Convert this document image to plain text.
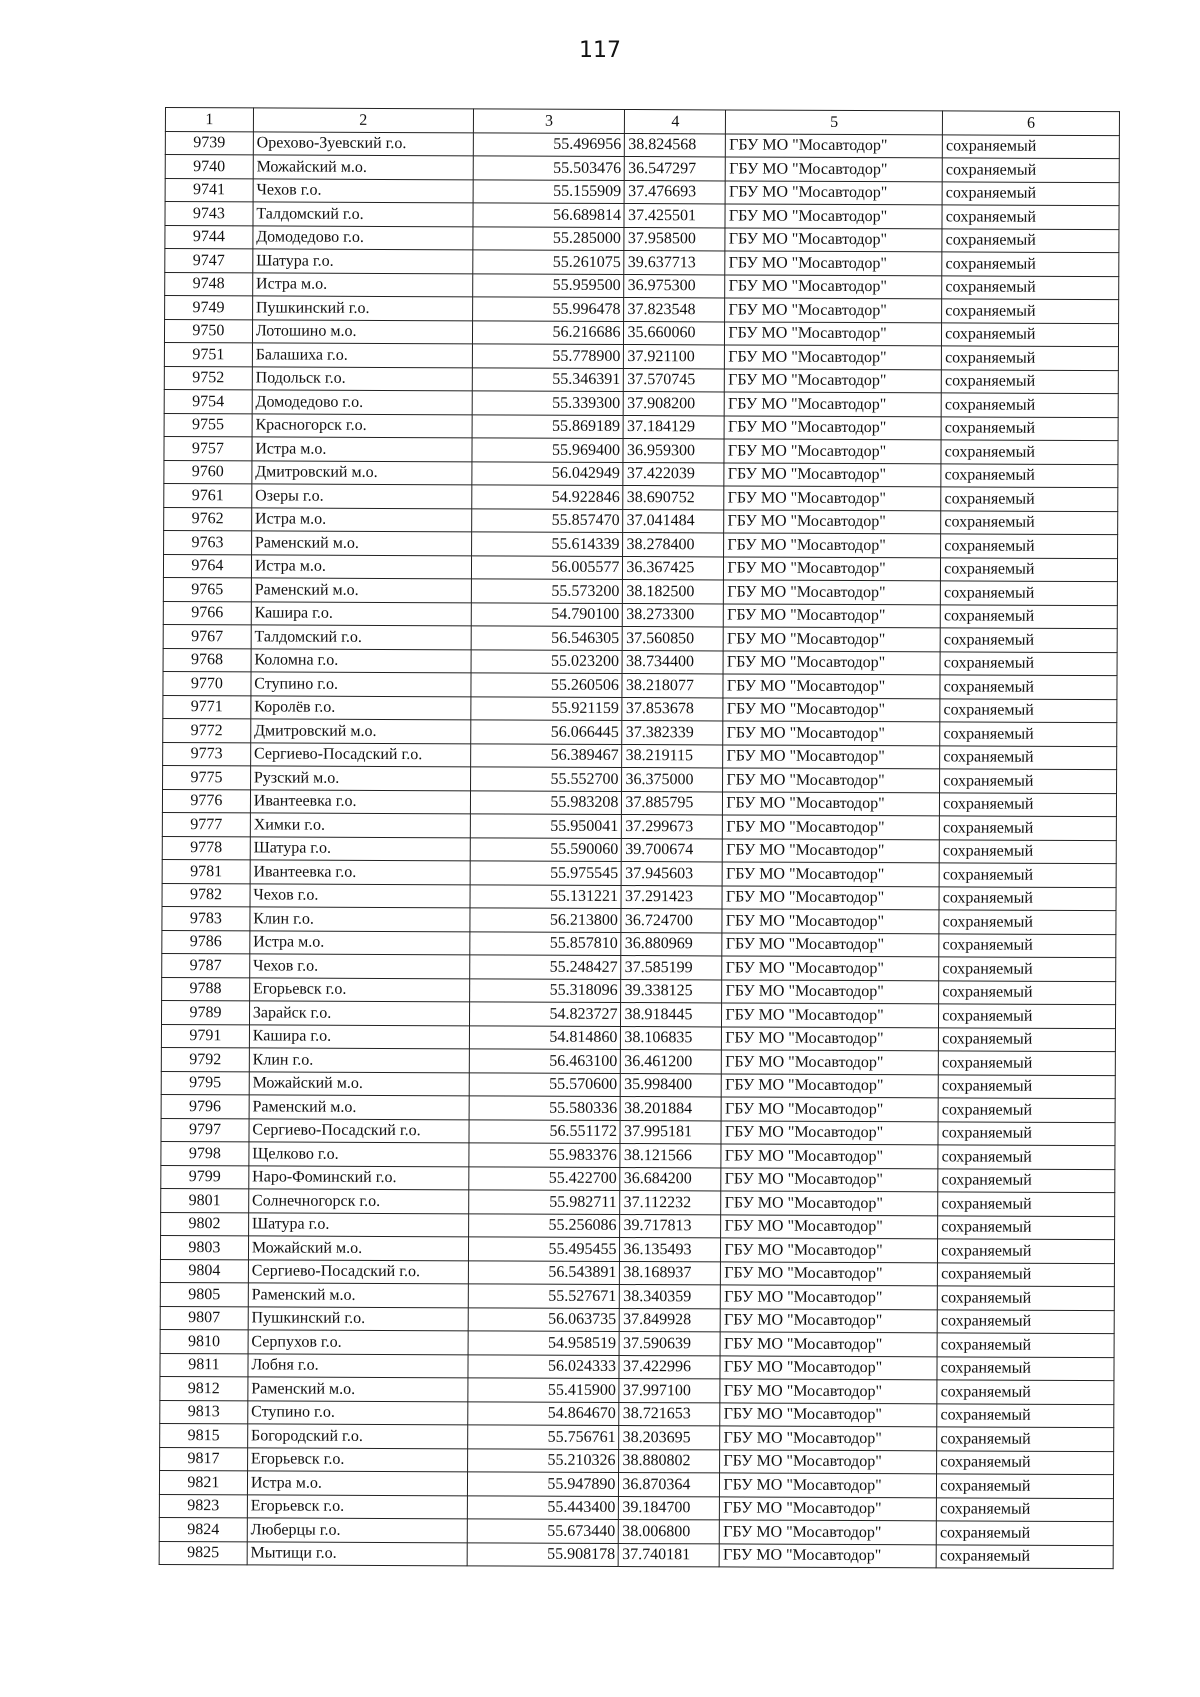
117
1	2	3	4	5	6
9739	Орехово-Зуевский г.о.	55.496956	38.824568	ГБУ МО "Мосавтодор"	сохраняемый
9740	Можайский м.о.	55.503476	36.547297	ГБУ МО "Мосавтодор"	сохраняемый
9741	Чехов г.о.	55.155909	37.476693	ГБУ МО "Мосавтодор"	сохраняемый
9743	Талдомский г.о.	56.689814	37.425501	ГБУ МО "Мосавтодор"	сохраняемый
9744	Домодедово г.о.	55.285000	37.958500	ГБУ МО "Мосавтодор"	сохраняемый
9747	Шатура г.о.	55.261075	39.637713	ГБУ МО "Мосавтодор"	сохраняемый
9748	Истра м.о.	55.959500	36.975300	ГБУ МО "Мосавтодор"	сохраняемый
9749	Пушкинский г.о.	55.996478	37.823548	ГБУ МО "Мосавтодор"	сохраняемый
9750	Лотошино м.о.	56.216686	35.660060	ГБУ МО "Мосавтодор"	сохраняемый
9751	Балашиха г.о.	55.778900	37.921100	ГБУ МО "Мосавтодор"	сохраняемый
9752	Подольск г.о.	55.346391	37.570745	ГБУ МО "Мосавтодор"	сохраняемый
9754	Домодедово г.о.	55.339300	37.908200	ГБУ МО "Мосавтодор"	сохраняемый
9755	Красногорск г.о.	55.869189	37.184129	ГБУ МО "Мосавтодор"	сохраняемый
9757	Истра м.о.	55.969400	36.959300	ГБУ МО "Мосавтодор"	сохраняемый
9760	Дмитровский м.о.	56.042949	37.422039	ГБУ МО "Мосавтодор"	сохраняемый
9761	Озеры г.о.	54.922846	38.690752	ГБУ МО "Мосавтодор"	сохраняемый
9762	Истра м.о.	55.857470	37.041484	ГБУ МО "Мосавтодор"	сохраняемый
9763	Раменский м.о.	55.614339	38.278400	ГБУ МО "Мосавтодор"	сохраняемый
9764	Истра м.о.	56.005577	36.367425	ГБУ МО "Мосавтодор"	сохраняемый
9765	Раменский м.о.	55.573200	38.182500	ГБУ МО "Мосавтодор"	сохраняемый
9766	Кашира г.о.	54.790100	38.273300	ГБУ МО "Мосавтодор"	сохраняемый
9767	Талдомский г.о.	56.546305	37.560850	ГБУ МО "Мосавтодор"	сохраняемый
9768	Коломна г.о.	55.023200	38.734400	ГБУ МО "Мосавтодор"	сохраняемый
9770	Ступино г.о.	55.260506	38.218077	ГБУ МО "Мосавтодор"	сохраняемый
9771	Королёв г.о.	55.921159	37.853678	ГБУ МО "Мосавтодор"	сохраняемый
9772	Дмитровский м.о.	56.066445	37.382339	ГБУ МО "Мосавтодор"	сохраняемый
9773	Сергиево-Посадский г.о.	56.389467	38.219115	ГБУ МО "Мосавтодор"	сохраняемый
9775	Рузский м.о.	55.552700	36.375000	ГБУ МО "Мосавтодор"	сохраняемый
9776	Ивантеевка г.о.	55.983208	37.885795	ГБУ МО "Мосавтодор"	сохраняемый
9777	Химки г.о.	55.950041	37.299673	ГБУ МО "Мосавтодор"	сохраняемый
9778	Шатура г.о.	55.590060	39.700674	ГБУ МО "Мосавтодор"	сохраняемый
9781	Ивантеевка г.о.	55.975545	37.945603	ГБУ МО "Мосавтодор"	сохраняемый
9782	Чехов г.о.	55.131221	37.291423	ГБУ МО "Мосавтодор"	сохраняемый
9783	Клин г.о.	56.213800	36.724700	ГБУ МО "Мосавтодор"	сохраняемый
9786	Истра м.о.	55.857810	36.880969	ГБУ МО "Мосавтодор"	сохраняемый
9787	Чехов г.о.	55.248427	37.585199	ГБУ МО "Мосавтодор"	сохраняемый
9788	Егорьевск г.о.	55.318096	39.338125	ГБУ МО "Мосавтодор"	сохраняемый
9789	Зарайск г.о.	54.823727	38.918445	ГБУ МО "Мосавтодор"	сохраняемый
9791	Кашира г.о.	54.814860	38.106835	ГБУ МО "Мосавтодор"	сохраняемый
9792	Клин г.о.	56.463100	36.461200	ГБУ МО "Мосавтодор"	сохраняемый
9795	Можайский м.о.	55.570600	35.998400	ГБУ МО "Мосавтодор"	сохраняемый
9796	Раменский м.о.	55.580336	38.201884	ГБУ МО "Мосавтодор"	сохраняемый
9797	Сергиево-Посадский г.о.	56.551172	37.995181	ГБУ МО "Мосавтодор"	сохраняемый
9798	Щелково г.о.	55.983376	38.121566	ГБУ МО "Мосавтодор"	сохраняемый
9799	Наро-Фоминский г.о.	55.422700	36.684200	ГБУ МО "Мосавтодор"	сохраняемый
9801	Солнечногорск г.о.	55.982711	37.112232	ГБУ МО "Мосавтодор"	сохраняемый
9802	Шатура г.о.	55.256086	39.717813	ГБУ МО "Мосавтодор"	сохраняемый
9803	Можайский м.о.	55.495455	36.135493	ГБУ МО "Мосавтодор"	сохраняемый
9804	Сергиево-Посадский г.о.	56.543891	38.168937	ГБУ МО "Мосавтодор"	сохраняемый
9805	Раменский м.о.	55.527671	38.340359	ГБУ МО "Мосавтодор"	сохраняемый
9807	Пушкинский г.о.	56.063735	37.849928	ГБУ МО "Мосавтодор"	сохраняемый
9810	Серпухов г.о.	54.958519	37.590639	ГБУ МО "Мосавтодор"	сохраняемый
9811	Лобня г.о.	56.024333	37.422996	ГБУ МО "Мосавтодор"	сохраняемый
9812	Раменский м.о.	55.415900	37.997100	ГБУ МО "Мосавтодор"	сохраняемый
9813	Ступино г.о.	54.864670	38.721653	ГБУ МО "Мосавтодор"	сохраняемый
9815	Богородский г.о.	55.756761	38.203695	ГБУ МО "Мосавтодор"	сохраняемый
9817	Егорьевск г.о.	55.210326	38.880802	ГБУ МО "Мосавтодор"	сохраняемый
9821	Истра м.о.	55.947890	36.870364	ГБУ МО "Мосавтодор"	сохраняемый
9823	Егорьевск г.о.	55.443400	39.184700	ГБУ МО "Мосавтодор"	сохраняемый
9824	Люберцы г.о.	55.673440	38.006800	ГБУ МО "Мосавтодор"	сохраняемый
9825	Мытищи г.о.	55.908178	37.740181	ГБУ МО "Мосавтодор"	сохраняемый
